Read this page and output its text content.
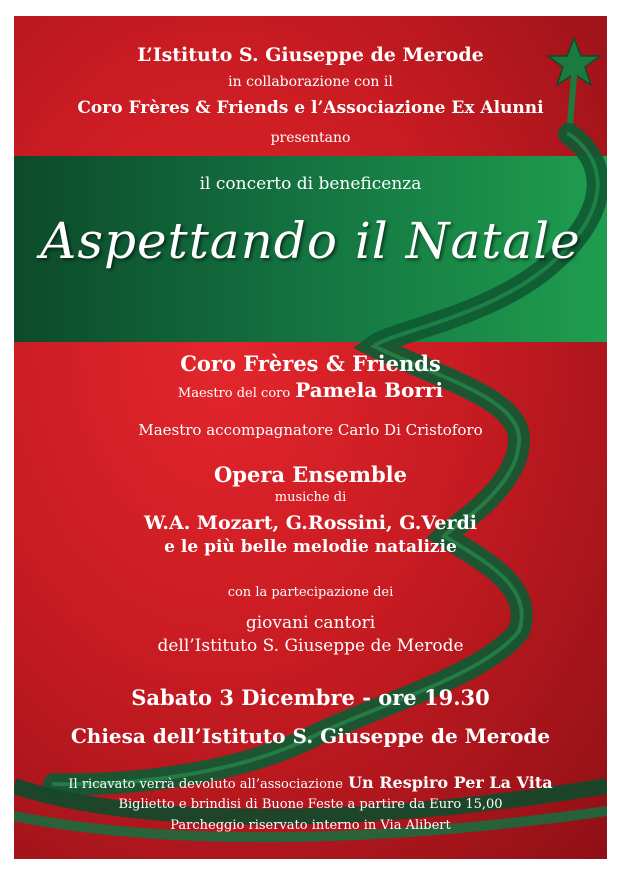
L’Istituto S. Giuseppe de Merode
in collaborazione con il
Coro Frères & Friends e l’Associazione Ex Alunni
presentano
il concerto di beneficenza
Aspettando il Natale
Coro Frères & Friends
Maestro del coro Pamela Borri
Maestro accompagnatore Carlo Di Cristoforo
Opera Ensemble
musiche di
W.A. Mozart, G.Rossini, G.Verdi
e le più belle melodie natalizie
con la partecipazione dei
giovani cantori
dell’Istituto S. Giuseppe de Merode
Sabato 3 Dicembre - ore 19.30
Chiesa dell’Istituto S. Giuseppe de Merode
Il ricavato verrà devoluto all’associazione Un Respiro Per La Vita
Biglietto e brindisi di Buone Feste a partire da Euro 15,00
Parcheggio riservato interno in Via Alibert
